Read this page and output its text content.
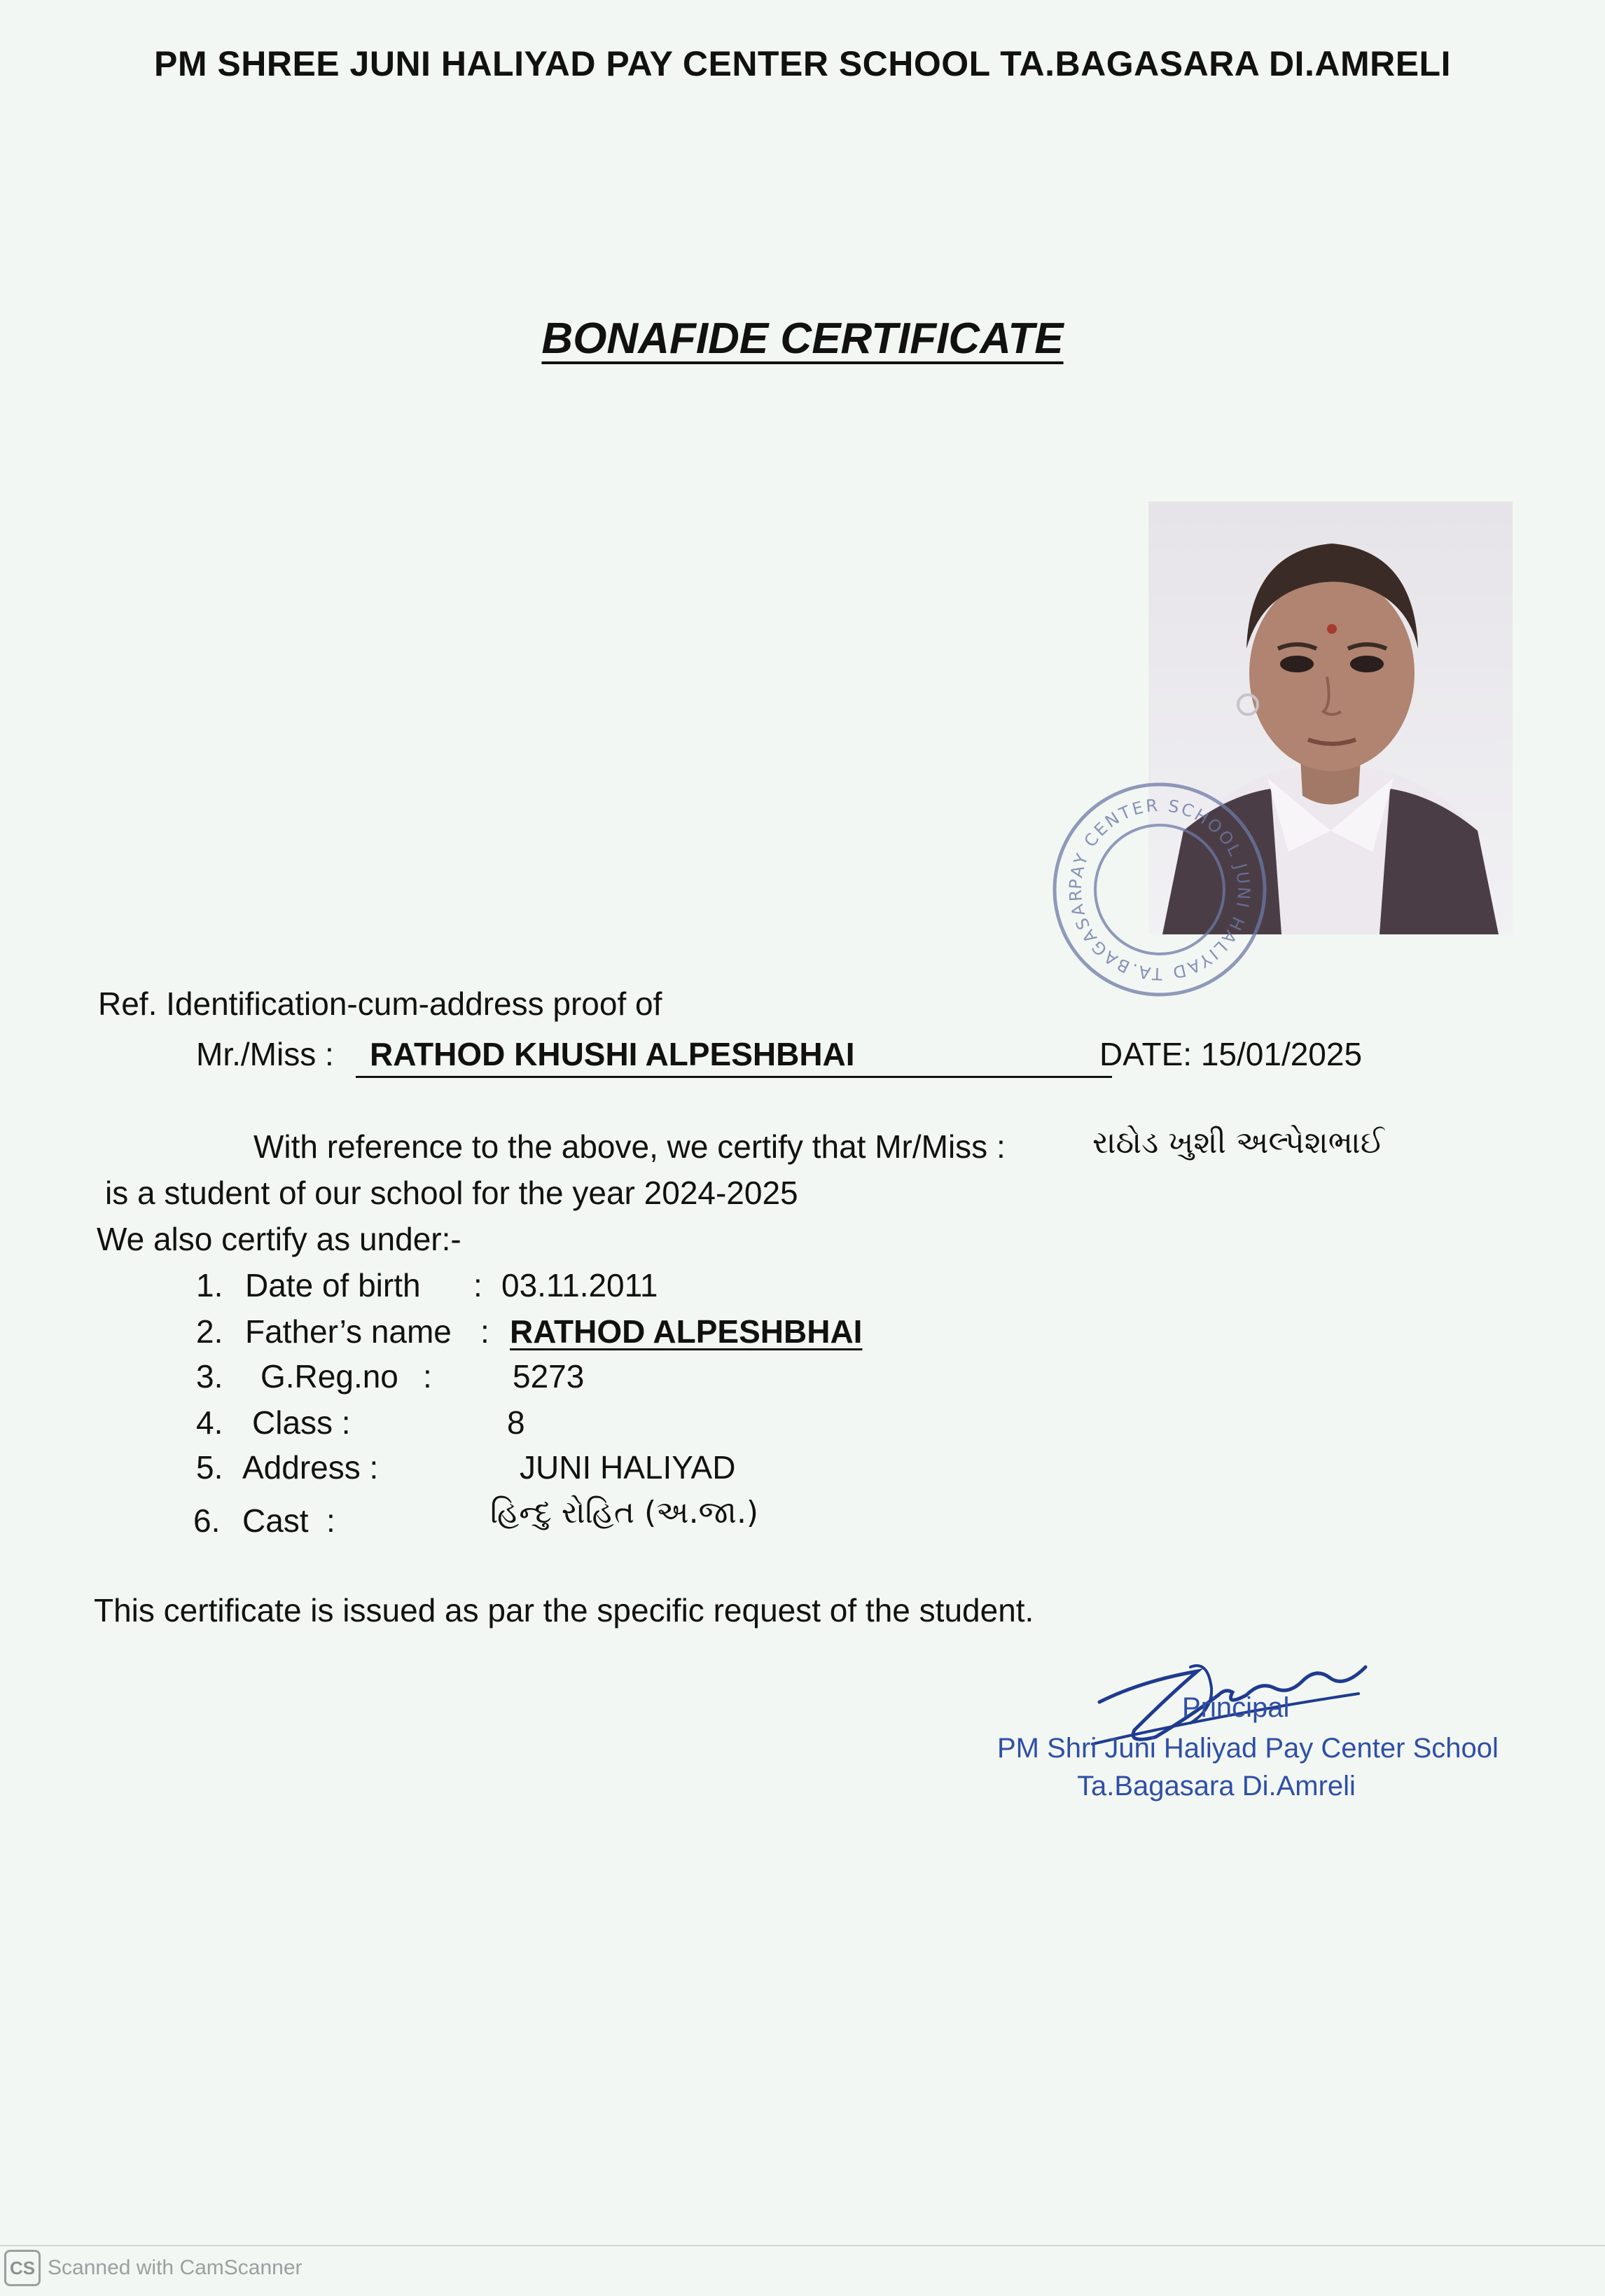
PM SHREE JUNI HALIYAD PAY CENTER SCHOOL TA.BAGASARA DI.AMRELI
BONAFIDE CERTIFICATE
PAY CENTER SCHOOL JUNI HALIYAD TA.BAGASAR
Ref. Identification-cum-address proof of
Mr./Miss :	RATHOD KHUSHI ALPESHBHAI	DATE: 15/01/2025
With reference to the above, we certify that Mr/Miss :	રાઠોડ ખુશી અલ્પેશભાઈ
is a student of our school for the year 2024-2025
We also certify as under:-
1. Date of birth : 03.11.2011
2. Father’s name : RATHOD ALPESHBHAI
3. G.Reg.no :	5273
4. Class :	8
5. Address :	JUNI HALIYAD
6. Cast :	હિન્દુ રોહિત (અ.જા.)
This certificate is issued as par the specific request of the student.
Principal
PM Shri Juni Haliyad Pay Center School
Ta.Bagasara Di.Amreli
CS Scanned with CamScanner
